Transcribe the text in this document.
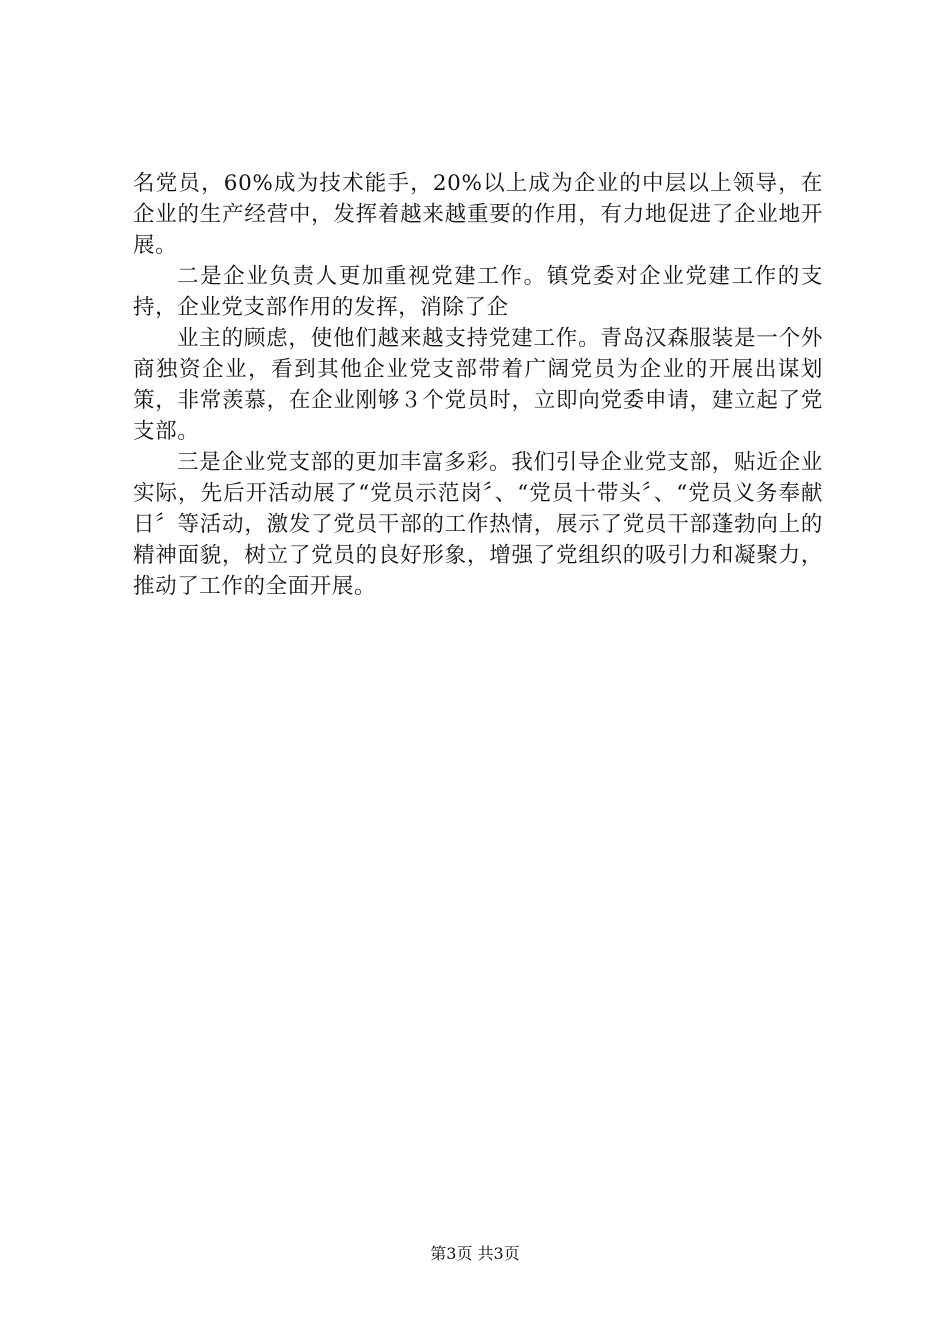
名党员，60%成为技术能手，20%以上成为企业的中层以上领导，在企业的生产经营中，发挥着越来越重要的作用，有力地促进了企业地开展。

二是企业负责人更加重视党建工作。镇党委对企业党建工作的支持，企业党支部作用的发挥，消除了企

业主的顾虑，使他们越来越支持党建工作。青岛汉森服装是一个外商独资企业，看到其他企业党支部带着广阔党员为企业的开展出谋划策，非常羡慕，在企业刚够３个党员时，立即向党委申请，建立起了党支部。

三是企业党支部的更加丰富多彩。我们引导企业党支部，贴近企业实际，先后开活动展了“党员示范岗〞、“党员十带头〞、“党员义务奉献日〞等活动，激发了党员干部的工作热情，展示了党员干部蓬勃向上的精神面貌，树立了党员的良好形象，增强了党组织的吸引力和凝聚力，推动了工作的全面开展。

第3页 共3页
